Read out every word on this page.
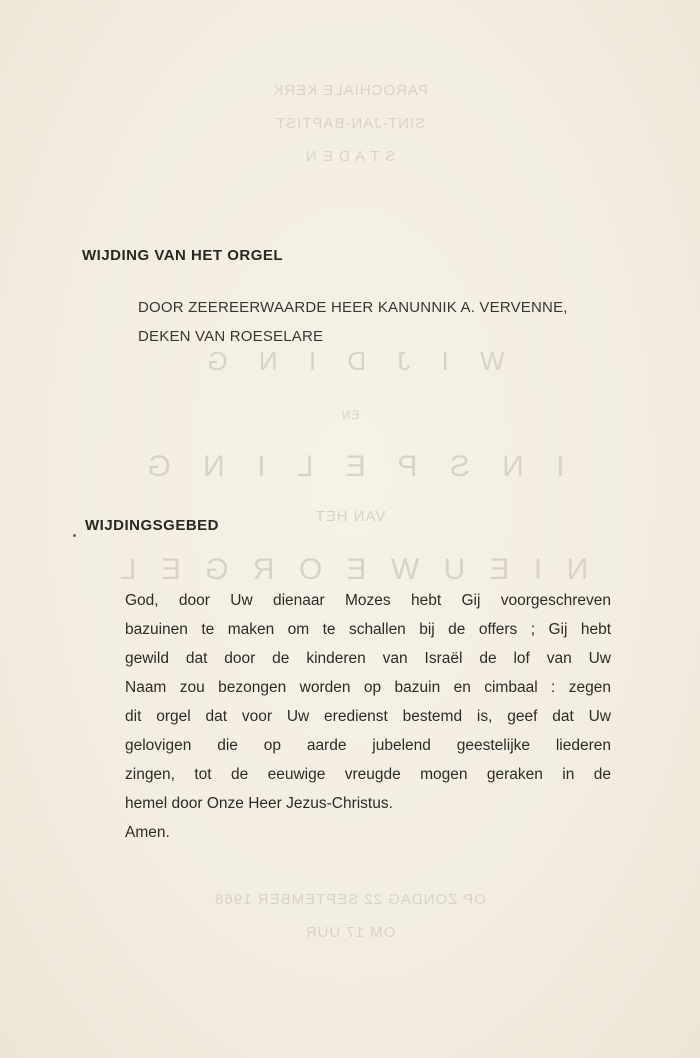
PAROCHIALE KERK
SINT-JAN-BAPTIST
S T A D E N
W I J D I N G
EN
I N S P E L I N G
VAN HET
N I E U W E O R G E L
OP ZONDAG 22 SEPTEMBER 1968
OM 17 UUR
WIJDING VAN HET ORGEL
DOOR ZEEREERWAARDE HEER KANUNNIK A. VERVENNE,
DEKEN VAN ROESELARE
WIJDINGSGEBED
God, door Uw dienaar Mozes hebt Gij voorgeschreven
bazuinen te maken om te schallen bij de offers ; Gij hebt
gewild dat door de kinderen van Israël de lof van Uw
Naam zou bezongen worden op bazuin en cimbaal : zegen
dit orgel dat voor Uw eredienst bestemd is, geef dat Uw
gelovigen die op aarde jubelend geestelijke liederen
zingen, tot de eeuwige vreugde mogen geraken in de
hemel door Onze Heer Jezus-Christus.
Amen.
